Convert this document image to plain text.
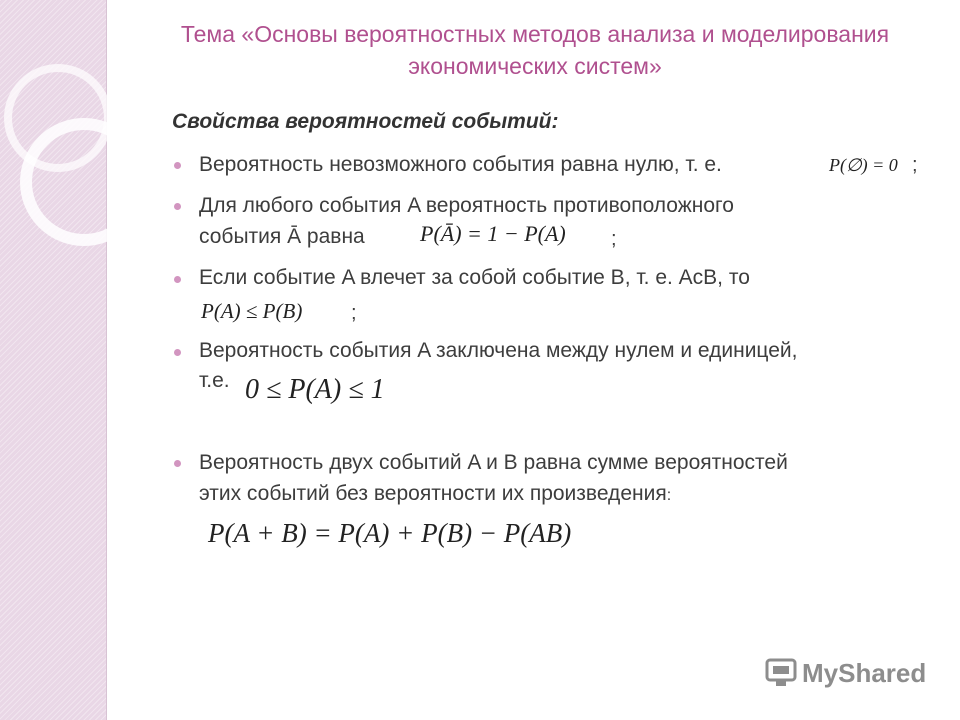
Тема «Основы вероятностных методов анализа и моделирования
экономических систем»
Свойства вероятностей событий:
Вероятность невозможного события равна нулю, т. е.	P(∅) = 0 ;
Для любого события A вероятность противоположного
события Ā равна	P(Ā) = 1 − P(A) ;
Если событие A влечет за собой событие B, т. е. AcB, то
P(A) ≤ P(B) ;
Вероятность события A заключена между нулем и единицей,
т.е. 0 ≤ P(A) ≤ 1
Вероятность двух событий A и B равна сумме вероятностей
этих событий без вероятности их произведения:
P(A + B) = P(A) + P(B) − P(AB)
MyShared
